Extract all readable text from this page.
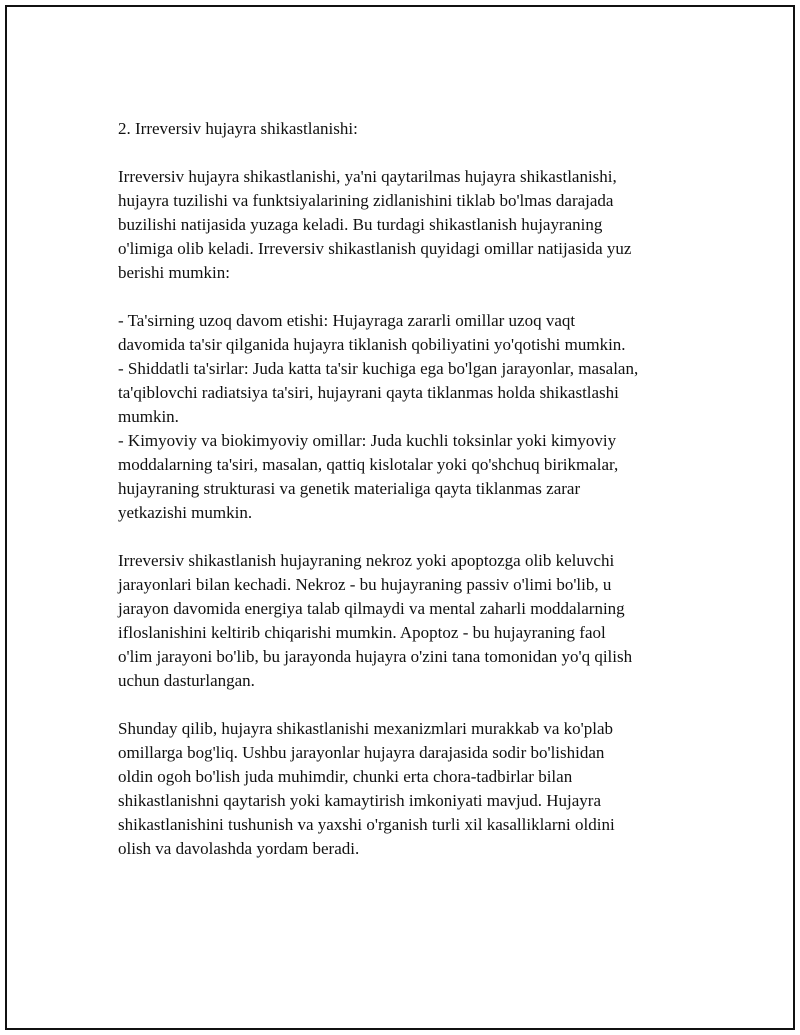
2. Irreversiv hujayra shikastlanishi:

Irreversiv hujayra shikastlanishi, ya'ni qaytarilmas hujayra shikastlanishi,
hujayra tuzilishi va funktsiyalarining zidlanishini tiklab bo'lmas darajada
buzilishi natijasida yuzaga keladi. Bu turdagi shikastlanish hujayraning
o'limiga olib keladi. Irreversiv shikastlanish quyidagi omillar natijasida yuz
berishi mumkin:

- Ta'sirning uzoq davom etishi: Hujayraga zararli omillar uzoq vaqt
davomida ta'sir qilganida hujayra tiklanish qobiliyatini yo'qotishi mumkin.
- Shiddatli ta'sirlar: Juda katta ta'sir kuchiga ega bo'lgan jarayonlar, masalan,
ta'qiblovchi radiatsiya ta'siri, hujayrani qayta tiklanmas holda shikastlashi
mumkin.
- Kimyoviy va biokimyoviy omillar: Juda kuchli toksinlar yoki kimyoviy
moddalarning ta'siri, masalan, qattiq kislotalar yoki qo'shchuq birikmalar,
hujayraning strukturasi va genetik materialiga qayta tiklanmas zarar
yetkazishi mumkin.

Irreversiv shikastlanish hujayraning nekroz yoki apoptozga olib keluvchi
jarayonlari bilan kechadi. Nekroz - bu hujayraning passiv o'limi bo'lib, u
jarayon davomida energiya talab qilmaydi va mental zaharli moddalarning
ifloslanishini keltirib chiqarishi mumkin. Apoptoz - bu hujayraning faol
o'lim jarayoni bo'lib, bu jarayonda hujayra o'zini tana tomonidan yo'q qilish
uchun dasturlangan.

Shunday qilib, hujayra shikastlanishi mexanizmlari murakkab va ko'plab
omillarga bog'liq. Ushbu jarayonlar hujayra darajasida sodir bo'lishidan
oldin ogoh bo'lish juda muhimdir, chunki erta chora-tadbirlar bilan
shikastlanishni qaytarish yoki kamaytirish imkoniyati mavjud. Hujayra
shikastlanishini tushunish va yaxshi o'rganish turli xil kasalliklarni oldini
olish va davolashda yordam beradi.
